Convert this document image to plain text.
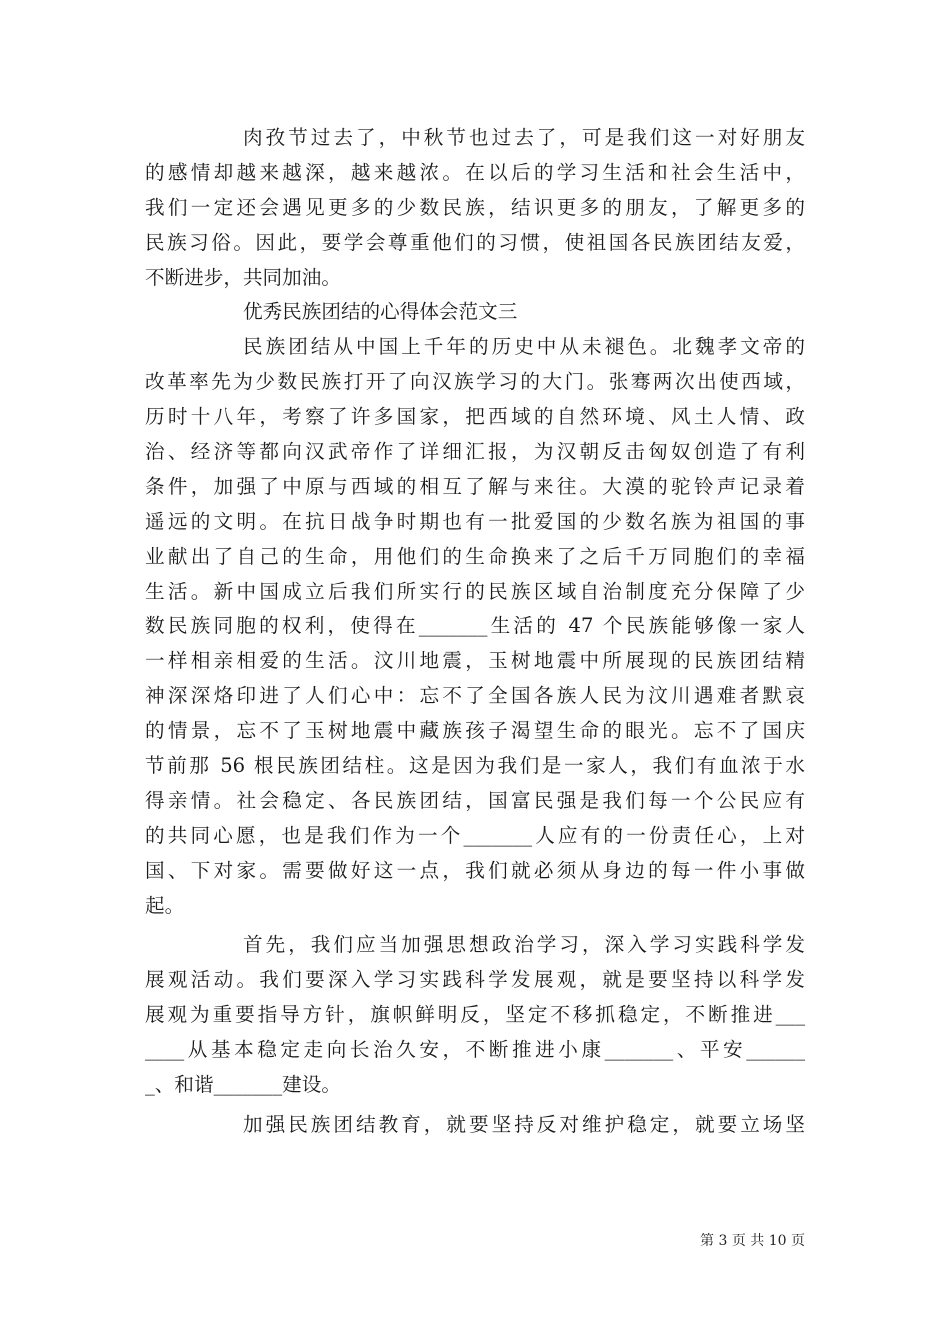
肉孜节过去了，中秋节也过去了，可是我们这一对好朋友
的感情却越来越深，越来越浓。在以后的学习生活和社会生活中，
我们一定还会遇见更多的少数民族，结识更多的朋友，了解更多的
民族习俗。因此，要学会尊重他们的习惯，使祖国各民族团结友爱，
不断进步，共同加油。
优秀民族团结的心得体会范文三
民族团结从中国上千年的历史中从未褪色。北魏孝文帝的
改革率先为少数民族打开了向汉族学习的大门。张骞两次出使西域，
历时十八年，考察了许多国家，把西域的自然环境、风土人情、政
治、经济等都向汉武帝作了详细汇报，为汉朝反击匈奴创造了有利
条件，加强了中原与西域的相互了解与来往。大漠的驼铃声记录着
遥远的文明。在抗日战争时期也有一批爱国的少数名族为祖国的事
业献出了自己的生命，用他们的生命换来了之后千万同胞们的幸福
生活。新中国成立后我们所实行的民族区域自治制度充分保障了少
数民族同胞的权利，使得在_______生活的 47 个民族能够像一家人
一样相亲相爱的生活。汶川地震，玉树地震中所展现的民族团结精
神深深烙印进了人们心中：忘不了全国各族人民为汶川遇难者默哀
的情景，忘不了玉树地震中藏族孩子渴望生命的眼光。忘不了国庆
节前那 56 根民族团结柱。这是因为我们是一家人，我们有血浓于水
得亲情。社会稳定、各民族团结，国富民强是我们每一个公民应有
的共同心愿，也是我们作为一个_______人应有的一份责任心，上对
国、下对家。需要做好这一点，我们就必须从身边的每一件小事做
起。
首先，我们应当加强思想政治学习，深入学习实践科学发
展观活动。我们要深入学习实践科学发展观，就是要坚持以科学发
展观为重要指导方针，旗帜鲜明反，坚定不移抓稳定，不断推进___
____从基本稳定走向长治久安，不断推进小康_______、平安______
_、和谐_______建设。
加强民族团结教育，就要坚持反对维护稳定，就要立场坚
第 3 页 共 10 页
